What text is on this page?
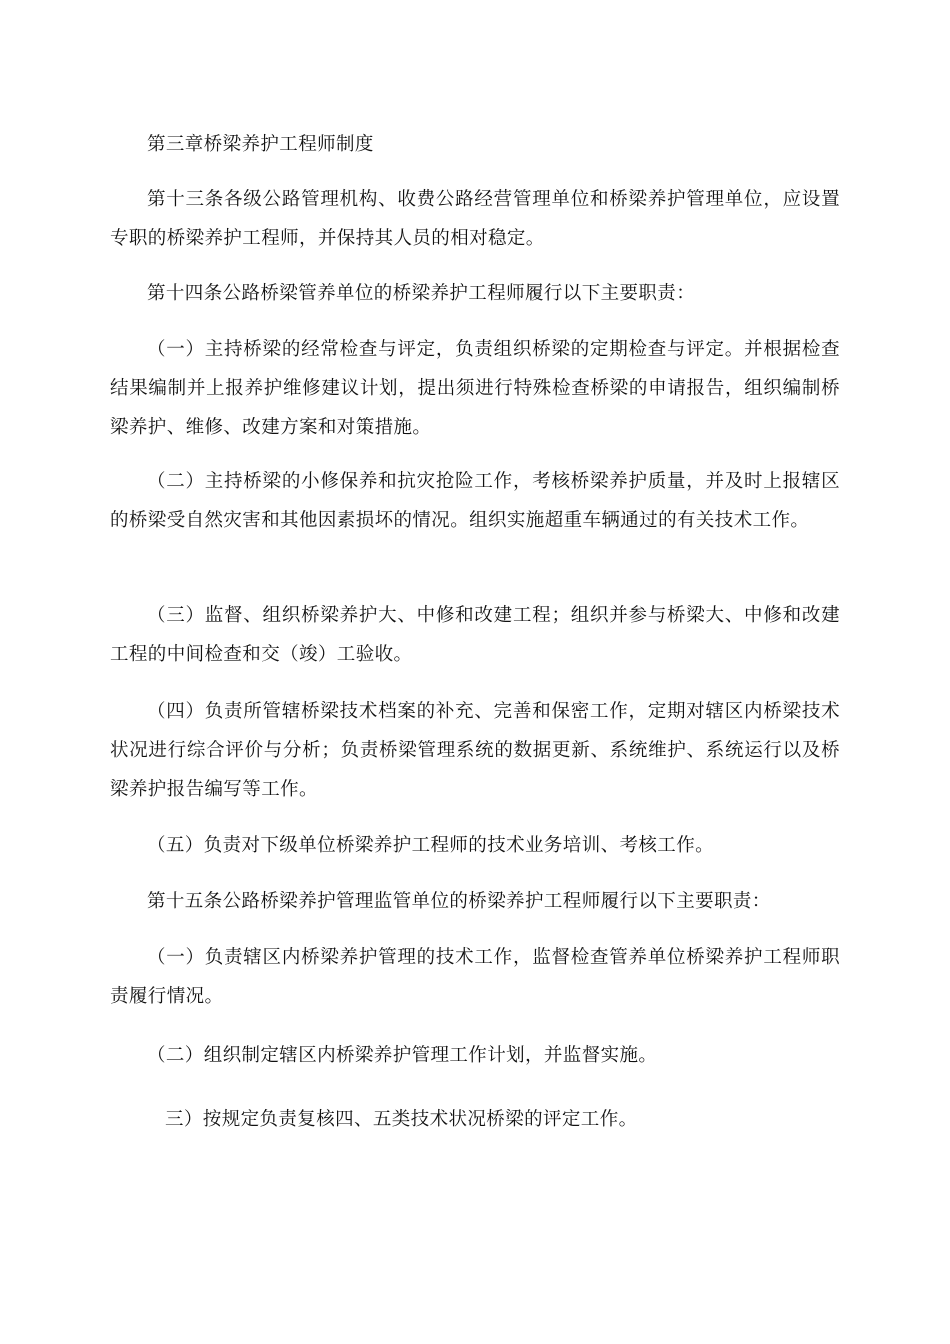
第三章桥梁养护工程师制度

第十三条各级公路管理机构、收费公路经营管理单位和桥梁养护管理单位，应设置专职的桥梁养护工程师，并保持其人员的相对稳定。

第十四条公路桥梁管养单位的桥梁养护工程师履行以下主要职责：

（一）主持桥梁的经常检查与评定，负责组织桥梁的定期检查与评定。并根据检查结果编制并上报养护维修建议计划，提出须进行特殊检查桥梁的申请报告，组织编制桥梁养护、维修、改建方案和对策措施。

（二）主持桥梁的小修保养和抗灾抢险工作，考核桥梁养护质量，并及时上报辖区的桥梁受自然灾害和其他因素损坏的情况。组织实施超重车辆通过的有关技术工作。

（三）监督、组织桥梁养护大、中修和改建工程；组织并参与桥梁大、中修和改建工程的中间检查和交（竣）工验收。

（四）负责所管辖桥梁技术档案的补充、完善和保密工作，定期对辖区内桥梁技术状况进行综合评价与分析；负责桥梁管理系统的数据更新、系统维护、系统运行以及桥梁养护报告编写等工作。

（五）负责对下级单位桥梁养护工程师的技术业务培训、考核工作。

第十五条公路桥梁养护管理监管单位的桥梁养护工程师履行以下主要职责：

（一）负责辖区内桥梁养护管理的技术工作，监督检查管养单位桥梁养护工程师职责履行情况。

（二）组织制定辖区内桥梁养护管理工作计划，并监督实施。

三）按规定负责复核四、五类技术状况桥梁的评定工作。
